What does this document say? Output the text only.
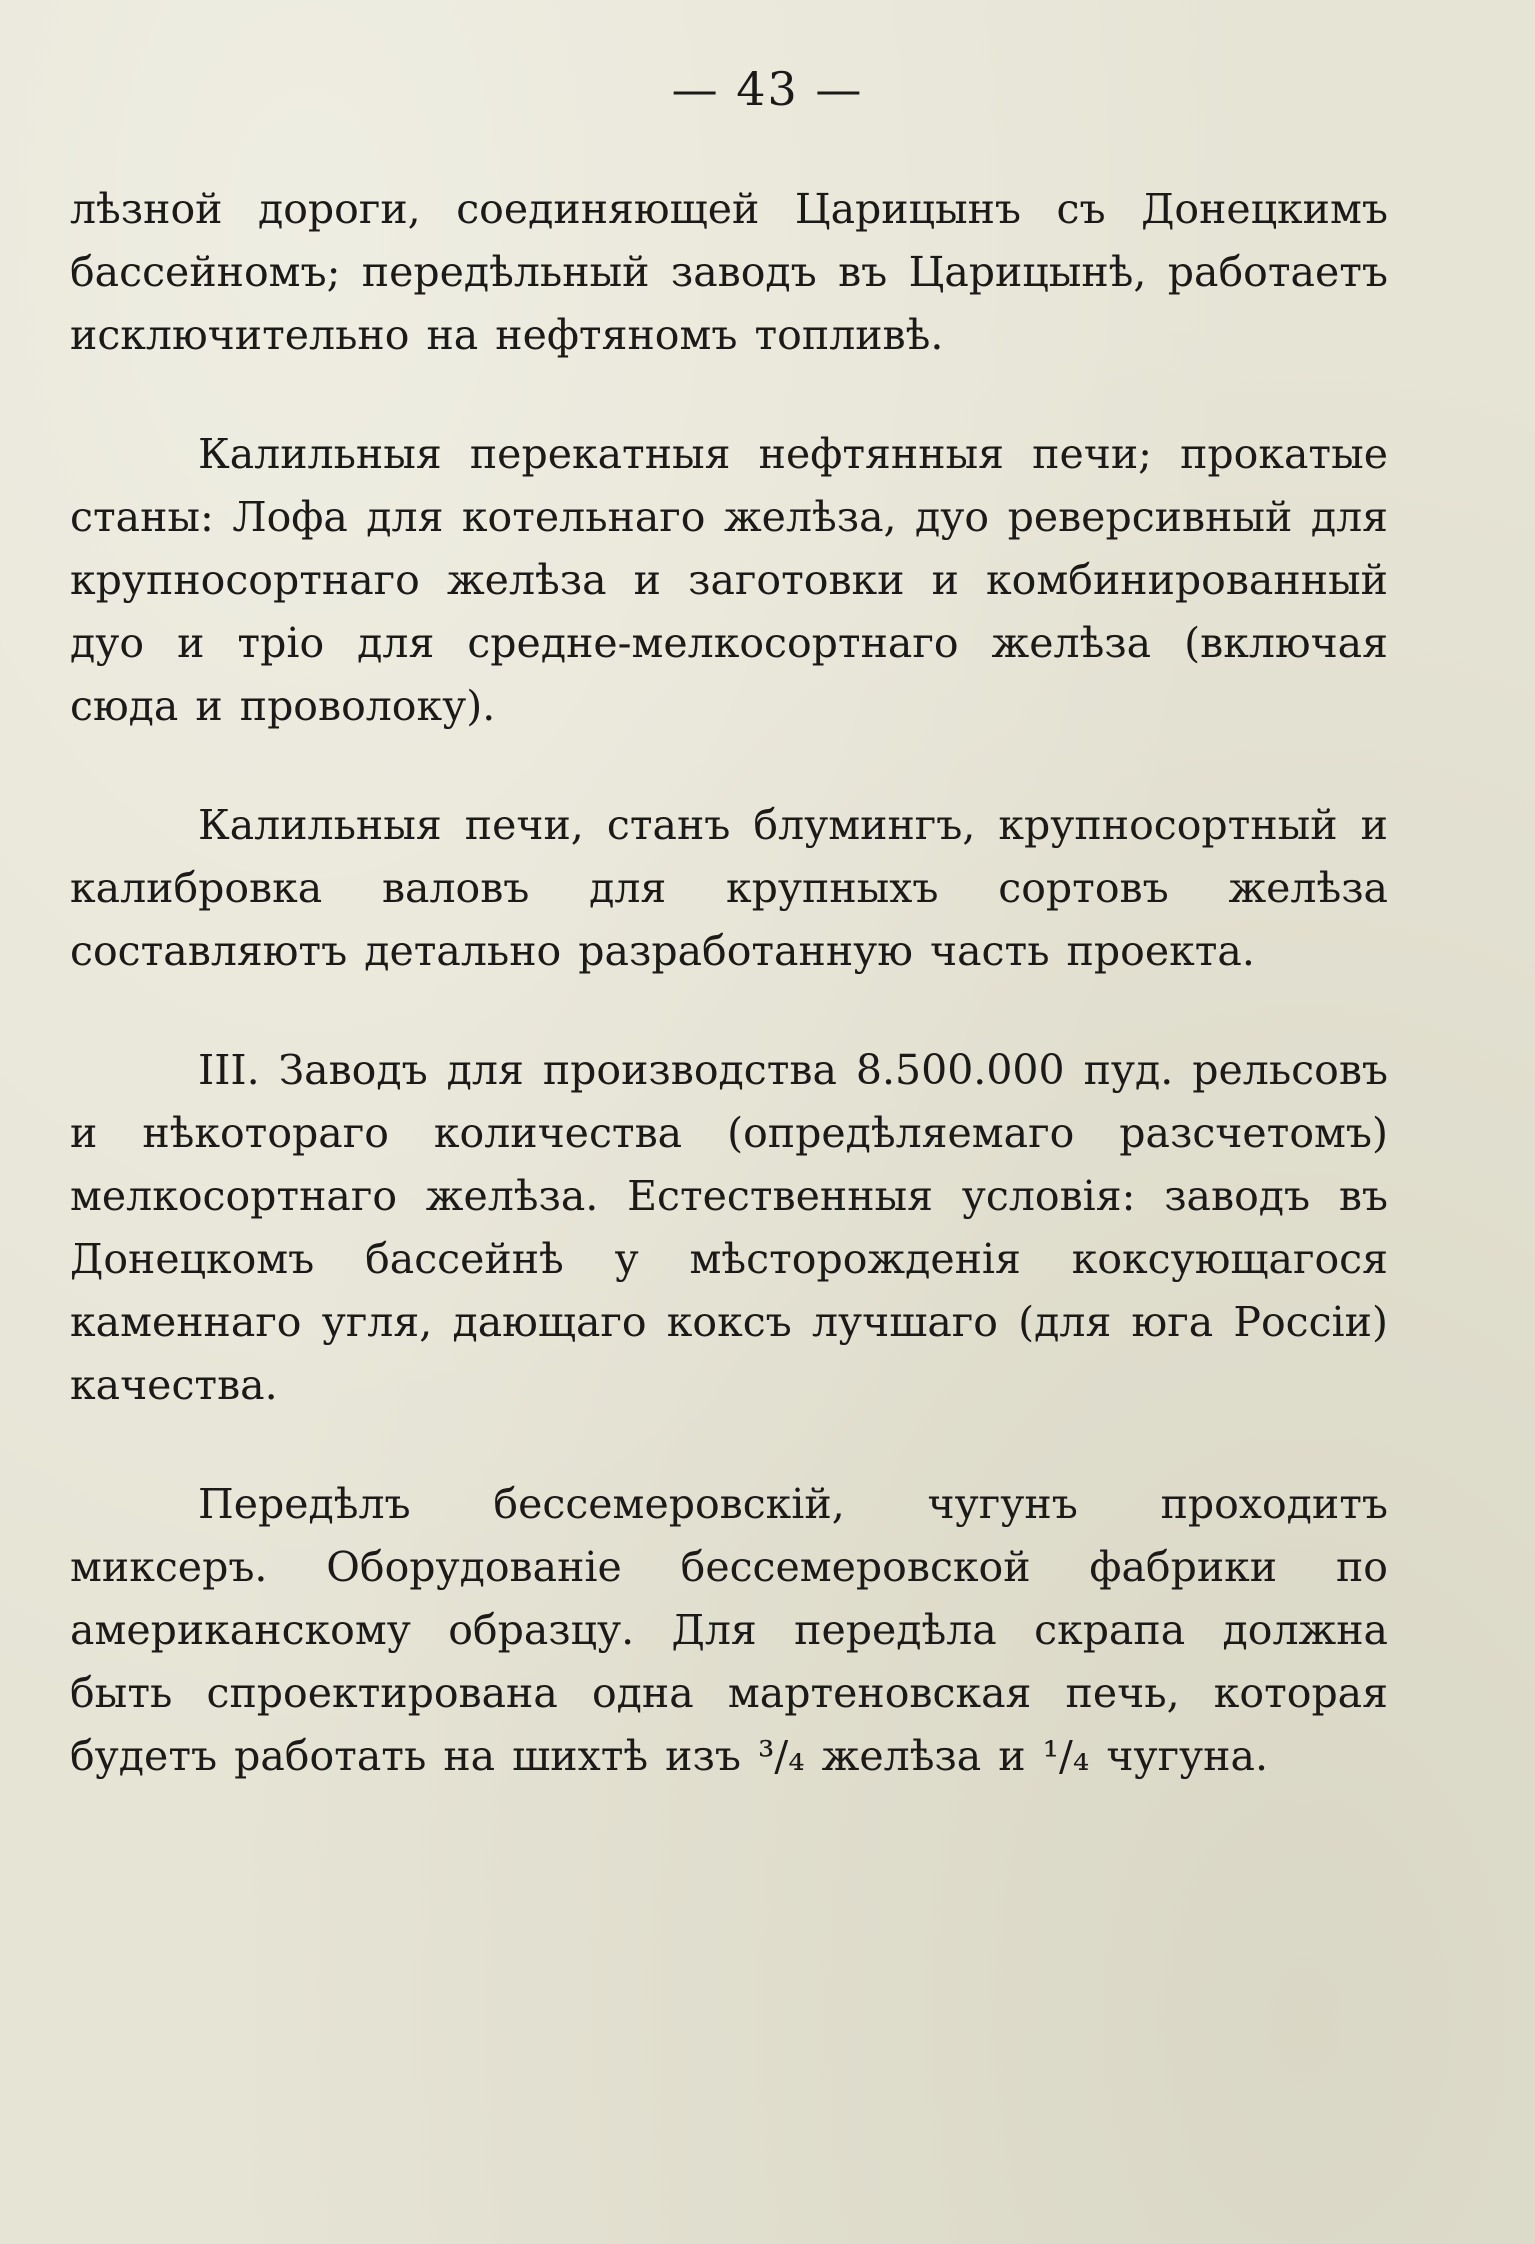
— 43 —

лѣзной дороги, соединяющей Царицынъ съ Донецкимъ бассейномъ; передѣльный заводъ въ Царицынѣ, работаетъ исключительно на нефтяномъ топливѣ.

Калильныя перекатныя нефтянныя печи; прокатые станы: Лофа для котельнаго желѣза, дуо реверсивный для крупносортнаго желѣза и заготовки и комбинированный дуо и тріо для средне-мелкосортнаго желѣза (включая сюда и проволоку).

Калильныя печи, станъ блумингъ, крупносортный и калибровка валовъ для крупныхъ сортовъ желѣза составляютъ детально разработанную часть проекта.

III. Заводъ для производства 8.500.000 пуд. рельсовъ и нѣкотораго количества (опредѣляемаго разсчетомъ) мелкосортнаго желѣза. Естественныя условія: заводъ въ Донецкомъ бассейнѣ у мѣсторожденія коксующагося каменнаго угля, дающаго коксъ лучшаго (для юга Россіи) качества.

Передѣлъ бессемеровскій, чугунъ проходитъ миксеръ. Оборудованіе бессемеровской фабрики по американскому образцу. Для передѣла скрапа должна быть спроектирована одна мартеновская печь, которая будетъ работать на шихтѣ изъ ³/₄ желѣза и ¹/₄ чугуна.
